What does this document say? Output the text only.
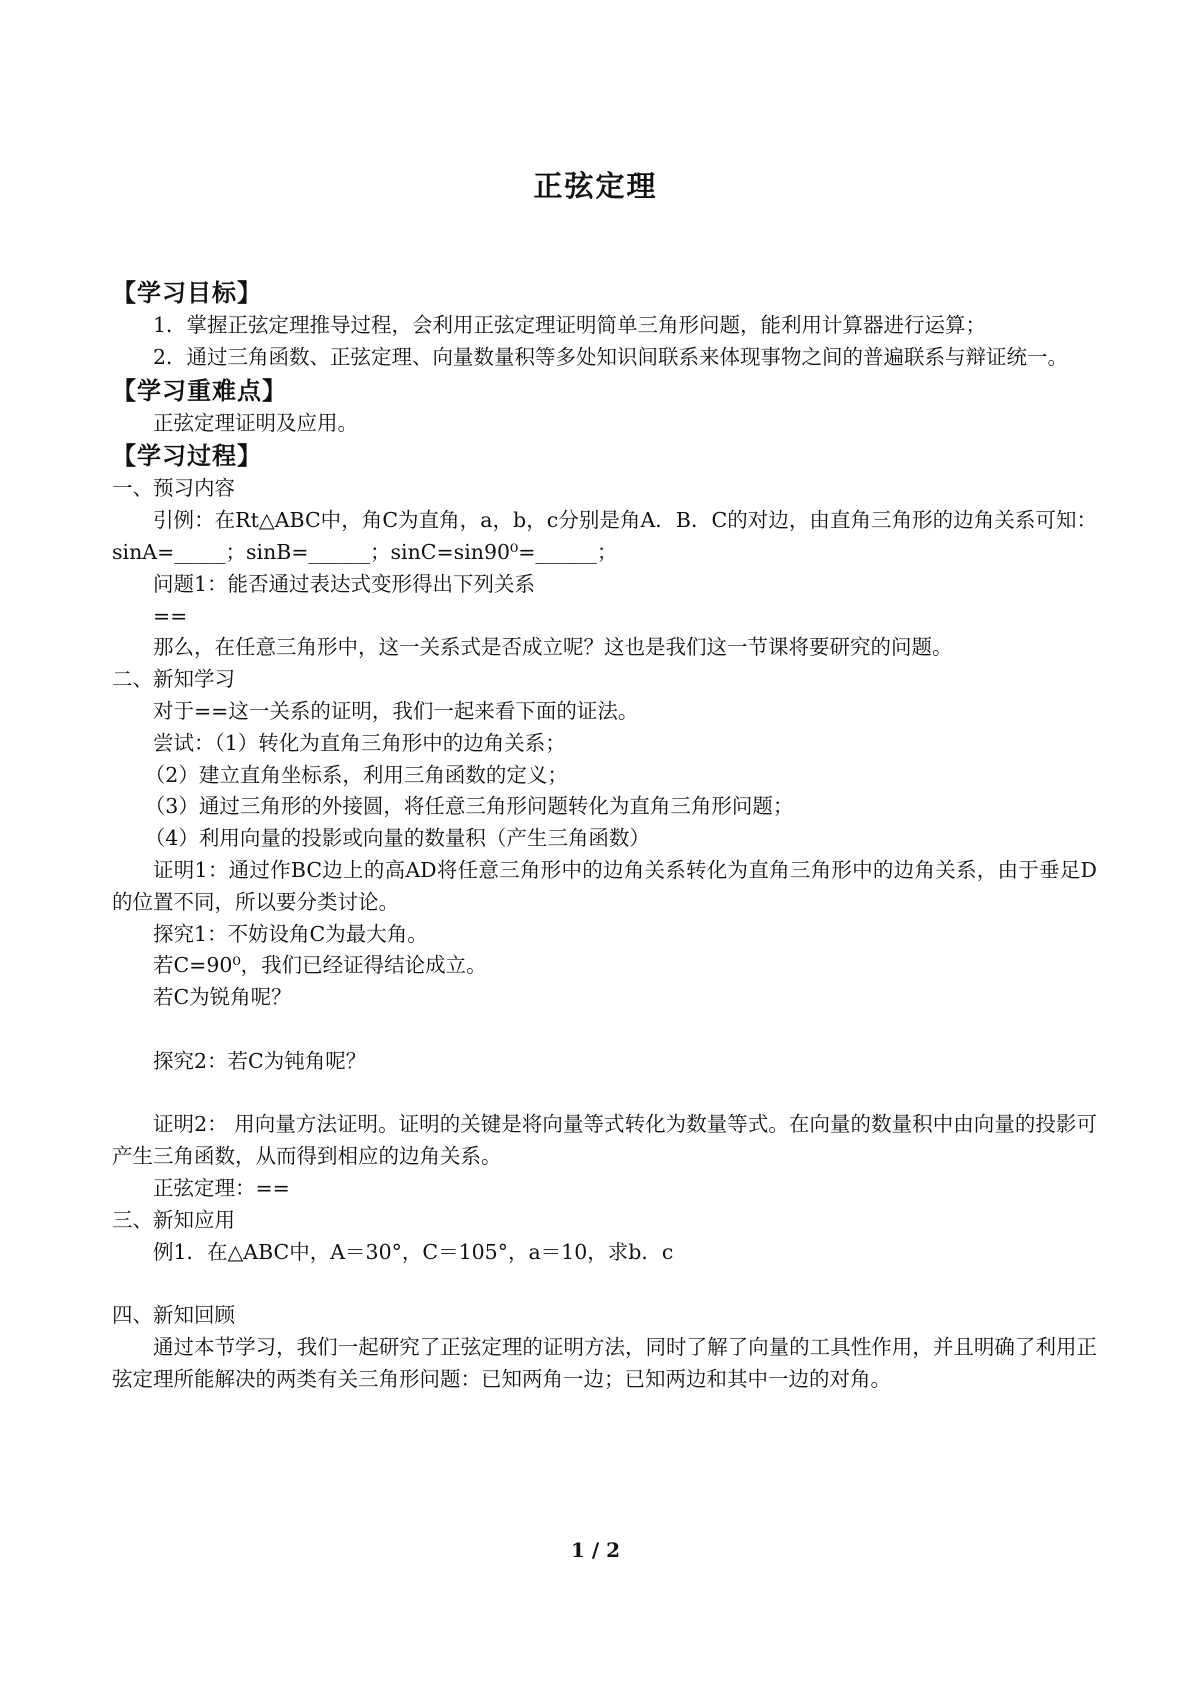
正弦定理

【学习目标】

1．掌握正弦定理推导过程，会利用正弦定理证明简单三角形问题，能利用计算器进行运算；

2．通过三角函数、正弦定理、向量数量积等多处知识间联系来体现事物之间的普遍联系与辩证统一。

【学习重难点】

正弦定理证明及应用。

【学习过程】

一、预习内容

引例：在Rt△ABC中，角C为直角，a，b，c分别是角A．B．C的对边，由直角三角形的边角关系可知：sinA=_____；sinB=______；sinC=sin90⁰=______；

问题1：能否通过表达式变形得出下列关系

==

那么，在任意三角形中，这一关系式是否成立呢？这也是我们这一节课将要研究的问题。

二、新知学习

对于==这一关系的证明，我们一起来看下面的证法。

尝试：（1）转化为直角三角形中的边角关系；

（2）建立直角坐标系，利用三角函数的定义；

（3）通过三角形的外接圆，将任意三角形问题转化为直角三角形问题；

（4）利用向量的投影或向量的数量积（产生三角函数）

证明1：通过作BC边上的高AD将任意三角形中的边角关系转化为直角三角形中的边角关系，由于垂足D的位置不同，所以要分类讨论。

探究1：不妨设角C为最大角。

若C=90⁰，我们已经证得结论成立。

若C为锐角呢？

探究2：若C为钝角呢？

证明2： 用向量方法证明。证明的关键是将向量等式转化为数量等式。在向量的数量积中由向量的投影可产生三角函数，从而得到相应的边角关系。

正弦定理：==

三、新知应用

例1．在△ABC中，A＝30°，C＝105°，a＝10，求b．c

四、新知回顾

通过本节学习，我们一起研究了正弦定理的证明方法，同时了解了向量的工具性作用，并且明确了利用正弦定理所能解决的两类有关三角形问题：已知两角一边；已知两边和其中一边的对角。

1 / 2
